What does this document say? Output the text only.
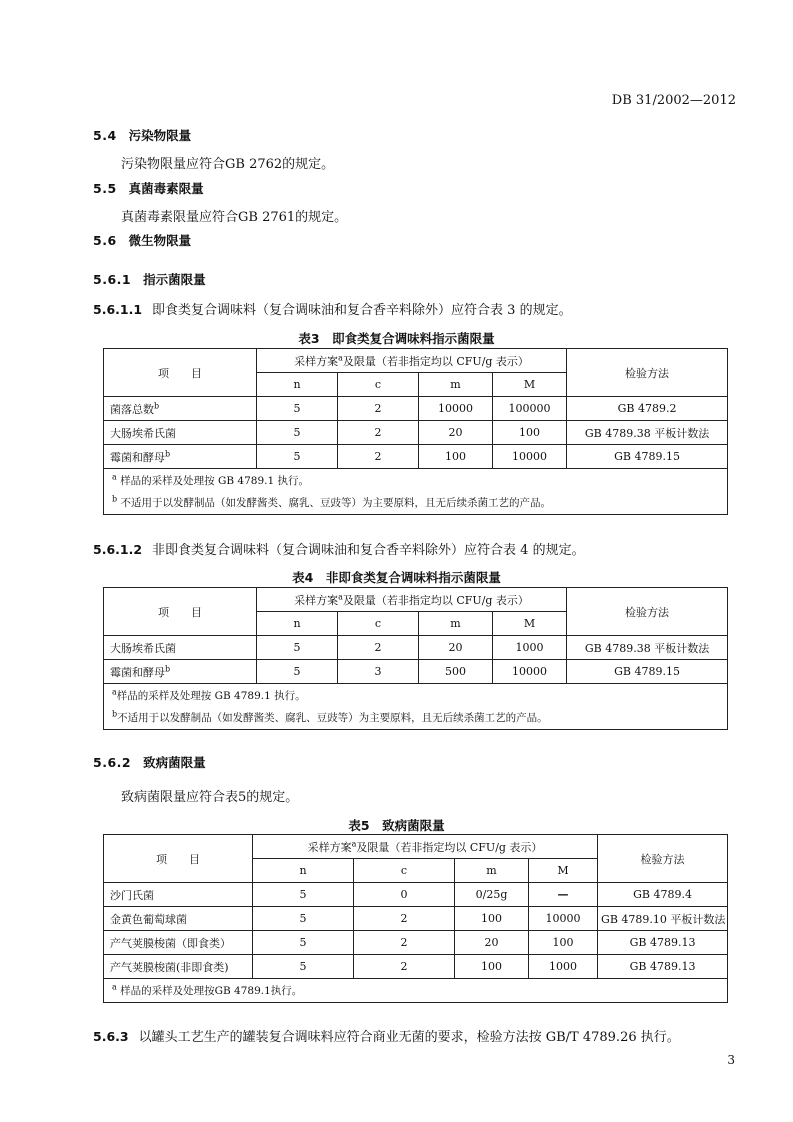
DB 31/2002—2012
5.4 污染物限量
污染物限量应符合GB 2762的规定。
5.5 真菌毒素限量
真菌毒素限量应符合GB 2761的规定。
5.6 微生物限量
5.6.1 指示菌限量
5.6.1.1 即食类复合调味料（复合调味油和复合香辛料除外）应符合表 3 的规定。
表3　即食类复合调味料指示菌限量
项　　目	采样方案$^a$及限量（若非指定均以 CFU/g 表示）				检验方法
	n	c	m	M	
菌落总数$^b$	5	2	10000	100000	GB 4789.2
大肠埃希氏菌	5	2	20	100	GB 4789.38 平板计数法
霉菌和酵母$^b$	5	2	100	10000	GB 4789.15

$^a$ 样品的采样及处理按 GB 4789.1 执行。
$^b$ 不适用于以发酵制品（如发酵酱类、腐乳、豆豉等）为主要原料，且无后续杀菌工艺的产品。					
5.6.1.2 非即食类复合调味料（复合调味油和复合香辛料除外）应符合表 4 的规定。
表4　非即食类复合调味料指示菌限量
项　　目	采样方案$^a$及限量（若非指定均以 CFU/g 表示）				检验方法
	n	c	m	M	
大肠埃希氏菌	5	2	20	1000	GB 4789.38 平板计数法
霉菌和酵母$^b$	5	3	500	10000	GB 4789.15

$^a$样品的采样及处理按 GB 4789.1 执行。
$^b$不适用于以发酵制品（如发酵酱类、腐乳、豆豉等）为主要原料，且无后续杀菌工艺的产品。					
5.6.2 致病菌限量
致病菌限量应符合表5的规定。
表5　致病菌限量
项　　目	采样方案$^a$及限量（若非指定均以 CFU/g 表示）				检验方法
	n	c	m	M	
沙门氏菌	5	0	0/25g	—	GB 4789.4
金黄色葡萄球菌	5	2	100	10000	GB 4789.10 平板计数法
产气荚膜梭菌（即食类）	5	2	20	100	GB 4789.13
产气荚膜梭菌(非即食类)	5	2	100	1000	GB 4789.13
$^a$ 样品的采样及处理按GB 4789.1执行。					
5.6.3 以罐头工艺生产的罐装复合调味料应符合商业无菌的要求，检验方法按 GB/T 4789.26 执行。
3
